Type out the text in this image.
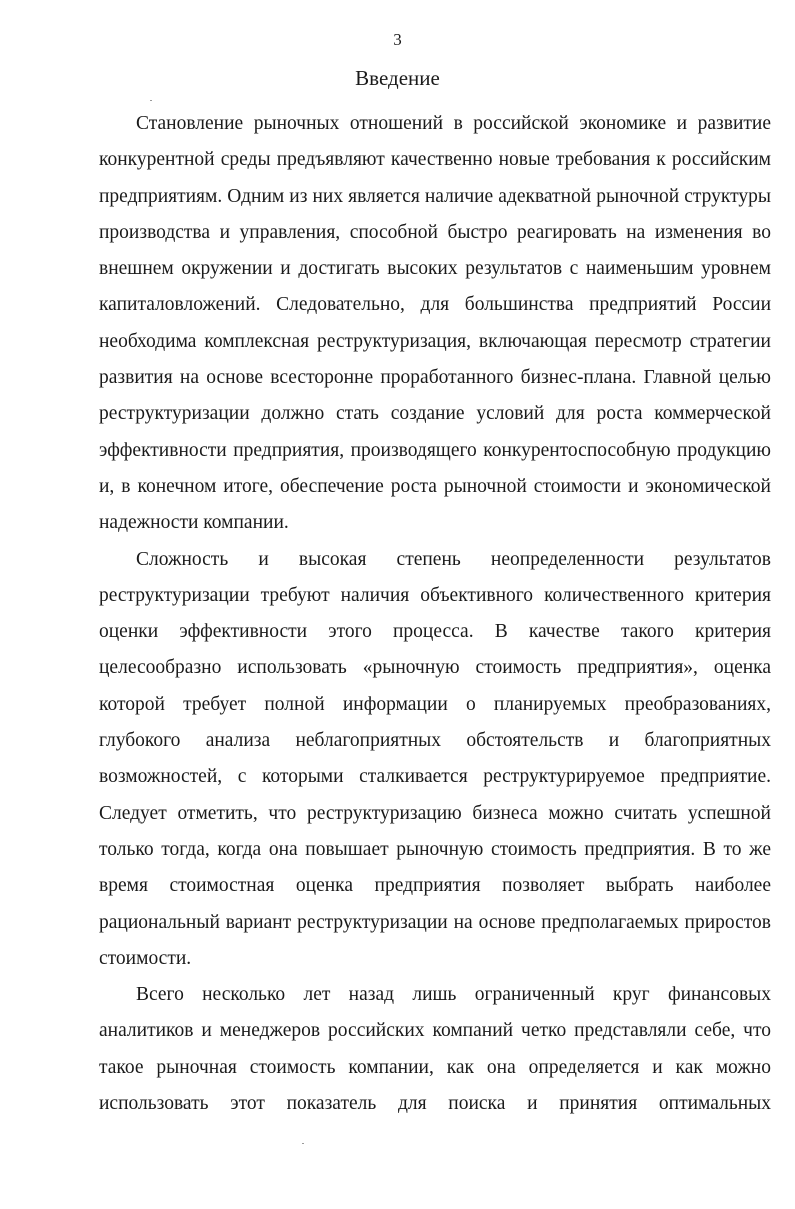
3
Введение

Становление рыночных отношений в российской экономике и развитие конкурентной среды предъявляют качественно новые требования к российским предприятиям. Одним из них является наличие адекватной рыночной структуры производства и управления, способной быстро реагировать на изменения во внешнем окружении и достигать высоких результатов с наименьшим уровнем капиталовложений. Следовательно, для большинства предприятий России необходима комплексная реструктуризация, включающая пересмотр стратегии развития на основе всесторонне проработанного бизнес-плана. Главной целью реструктуризации должно стать создание условий для роста коммерческой эффективности предприятия, производящего конкурентоспособную продукцию и, в конечном итоге, обеспечение роста рыночной стоимости и экономической надежности компании.

Сложность и высокая степень неопределенности результатов реструктуризации требуют наличия объективного количественного критерия оценки эффективности этого процесса. В качестве такого критерия целесообразно использовать «рыночную стоимость предприятия», оценка которой требует полной информации о планируемых преобразованиях, глубокого анализа неблагоприятных обстоятельств и благоприятных возможностей, с которыми сталкивается реструктурируемое предприятие. Следует отметить, что реструктуризацию бизнеса можно считать успешной только тогда, когда она повышает рыночную стоимость предприятия. В то же время стоимостная оценка предприятия позволяет выбрать наиболее рациональный вариант реструктуризации на основе предполагаемых приростов стоимости.

Всего несколько лет назад лишь ограниченный круг финансовых аналитиков и менеджеров российских компаний четко представляли себе, что такое рыночная стоимость компании, как она определяется и как можно использовать этот показатель для поиска и принятия оптимальных
